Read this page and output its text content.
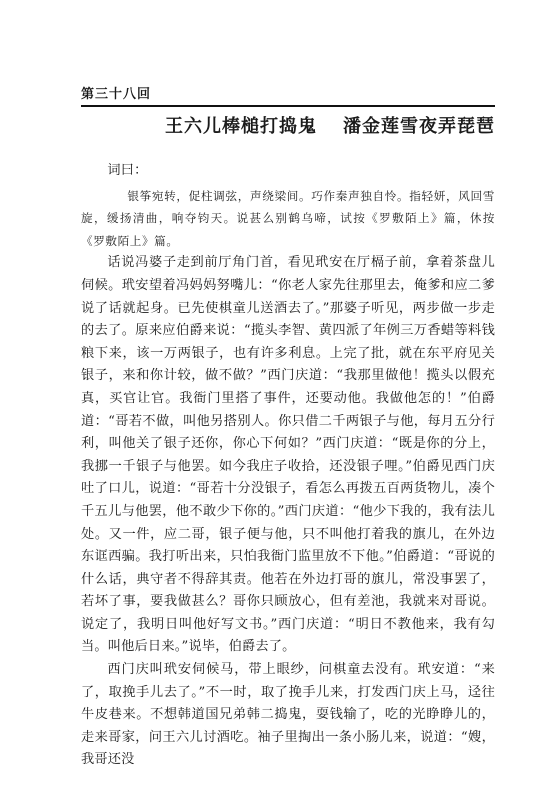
第三十八回
王六儿棒槌打捣鬼 潘金莲雪夜弄琵琶

词曰：

银筝宛转，促柱调弦，声绕梁间。巧作秦声独自怜。指轻妍，风回雪旋，缓扬清曲，响夺钧天。说甚么别鹤乌啼，试按《罗敷陌上》篇，休按《罗敷陌上》篇。

话说冯婆子走到前厅角门首，看见玳安在厅槅子前，拿着茶盘儿伺候。玳安望着冯妈妈努嘴儿：“你老人家先往那里去，俺爹和应二爹说了话就起身。已先使棋童儿送酒去了。”那婆子听见，两步做一步走的去了。原来应伯爵来说：“揽头李智、黄四派了年例三万香蜡等料钱粮下来，该一万两银子，也有许多利息。上完了批，就在东平府见关银子，来和你计较，做不做？”西门庆道：“我那里做他！揽头以假充真，买官让官。我衙门里搭了事件，还要动他。我做他怎的！”伯爵道：“哥若不做，叫他另搭别人。你只借二千两银子与他，每月五分行利，叫他关了银子还你，你心下何如？”西门庆道：“既是你的分上，我挪一千银子与他罢。如今我庄子收拾，还没银子哩。”伯爵见西门庆吐了口儿，说道：“哥若十分没银子，看怎么再拨五百两货物儿，凑个千五儿与他罢，他不敢少下你的。”西门庆道：“他少下我的，我有法儿处。又一件，应二哥，银子便与他，只不叫他打着我的旗儿，在外边东诓西骗。我打听出来，只怕我衙门监里放不下他。”伯爵道：“哥说的什么话，典守者不得辞其责。他若在外边打哥的旗儿，常没事罢了，若坏了事，要我做甚么？哥你只顾放心，但有差池，我就来对哥说。说定了，我明日叫他好写文书。”西门庆道：“明日不教他来，我有勾当。叫他后日来。”说毕，伯爵去了。

西门庆叫玳安伺候马，带上眼纱，问棋童去没有。玳安道：“来了，取挽手儿去了。”不一时，取了挽手儿来，打发西门庆上马，迳往牛皮巷来。不想韩道国兄弟韩二捣鬼，耍钱输了，吃的光睁睁儿的，走来哥家，问王六儿讨酒吃。袖子里掏出一条小肠儿来，说道：“嫂，我哥还没
